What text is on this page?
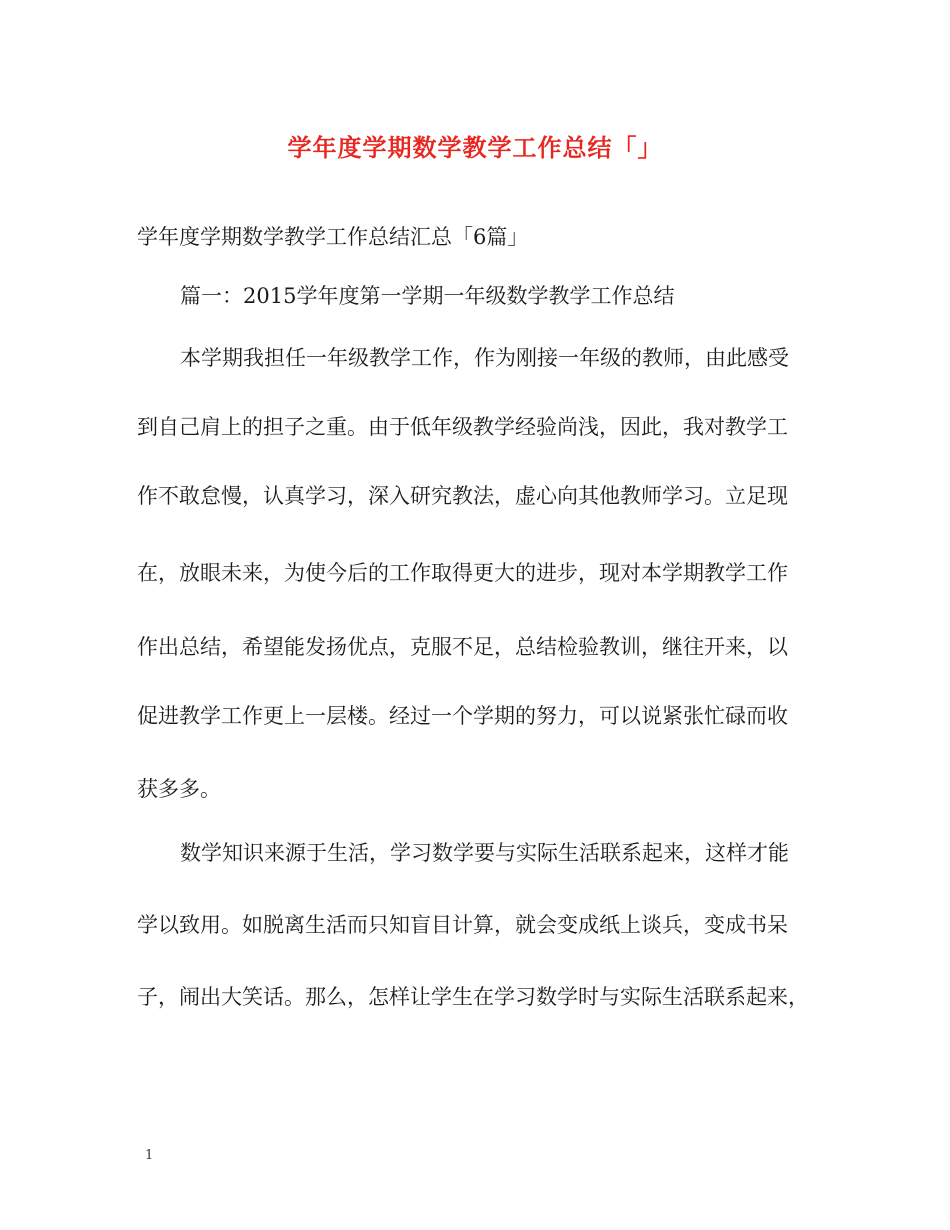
学年度学期数学教学工作总结「」

学年度学期数学教学工作总结汇总「6篇」

篇一：2015学年度第一学期一年级数学教学工作总结

本学期我担任一年级教学工作，作为刚接一年级的教师，由此感受

到自己肩上的担子之重。由于低年级教学经验尚浅，因此，我对教学工

作不敢怠慢，认真学习，深入研究教法，虚心向其他教师学习。立足现

在，放眼未来，为使今后的工作取得更大的进步，现对本学期教学工作

作出总结，希望能发扬优点，克服不足，总结检验教训，继往开来，以

促进教学工作更上一层楼。经过一个学期的努力，可以说紧张忙碌而收

获多多。

数学知识来源于生活，学习数学要与实际生活联系起来，这样才能

学以致用。如脱离生活而只知盲目计算，就会变成纸上谈兵，变成书呆

子，闹出大笑话。那么，怎样让学生在学习数学时与实际生活联系起来，

1
